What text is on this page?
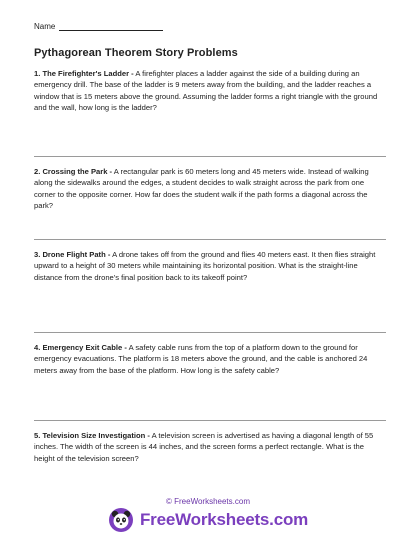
Name
Pythagorean Theorem Story Problems
1. The Firefighter's Ladder - A firefighter places a ladder against the side of a building during an emergency drill. The base of the ladder is 9 meters away from the building, and the ladder reaches a window that is 15 meters above the ground. Assuming the ladder forms a right triangle with the ground and the wall, how long is the ladder?
2. Crossing the Park - A rectangular park is 60 meters long and 45 meters wide. Instead of walking along the sidewalks around the edges, a student decides to walk straight across the park from one corner to the opposite corner. How far does the student walk if the path forms a diagonal across the park?
3. Drone Flight Path - A drone takes off from the ground and flies 40 meters east. It then flies straight upward to a height of 30 meters while maintaining its horizontal position. What is the straight-line distance from the drone's final position back to its takeoff point?
4. Emergency Exit Cable - A safety cable runs from the top of a platform down to the ground for emergency evacuations. The platform is 18 meters above the ground, and the cable is anchored 24 meters away from the base of the platform. How long is the safety cable?
5. Television Size Investigation - A television screen is advertised as having a diagonal length of 55 inches. The width of the screen is 44 inches, and the screen forms a perfect rectangle. What is the height of the television screen?
© FreeWorksheets.com
FreeWorksheets.com
